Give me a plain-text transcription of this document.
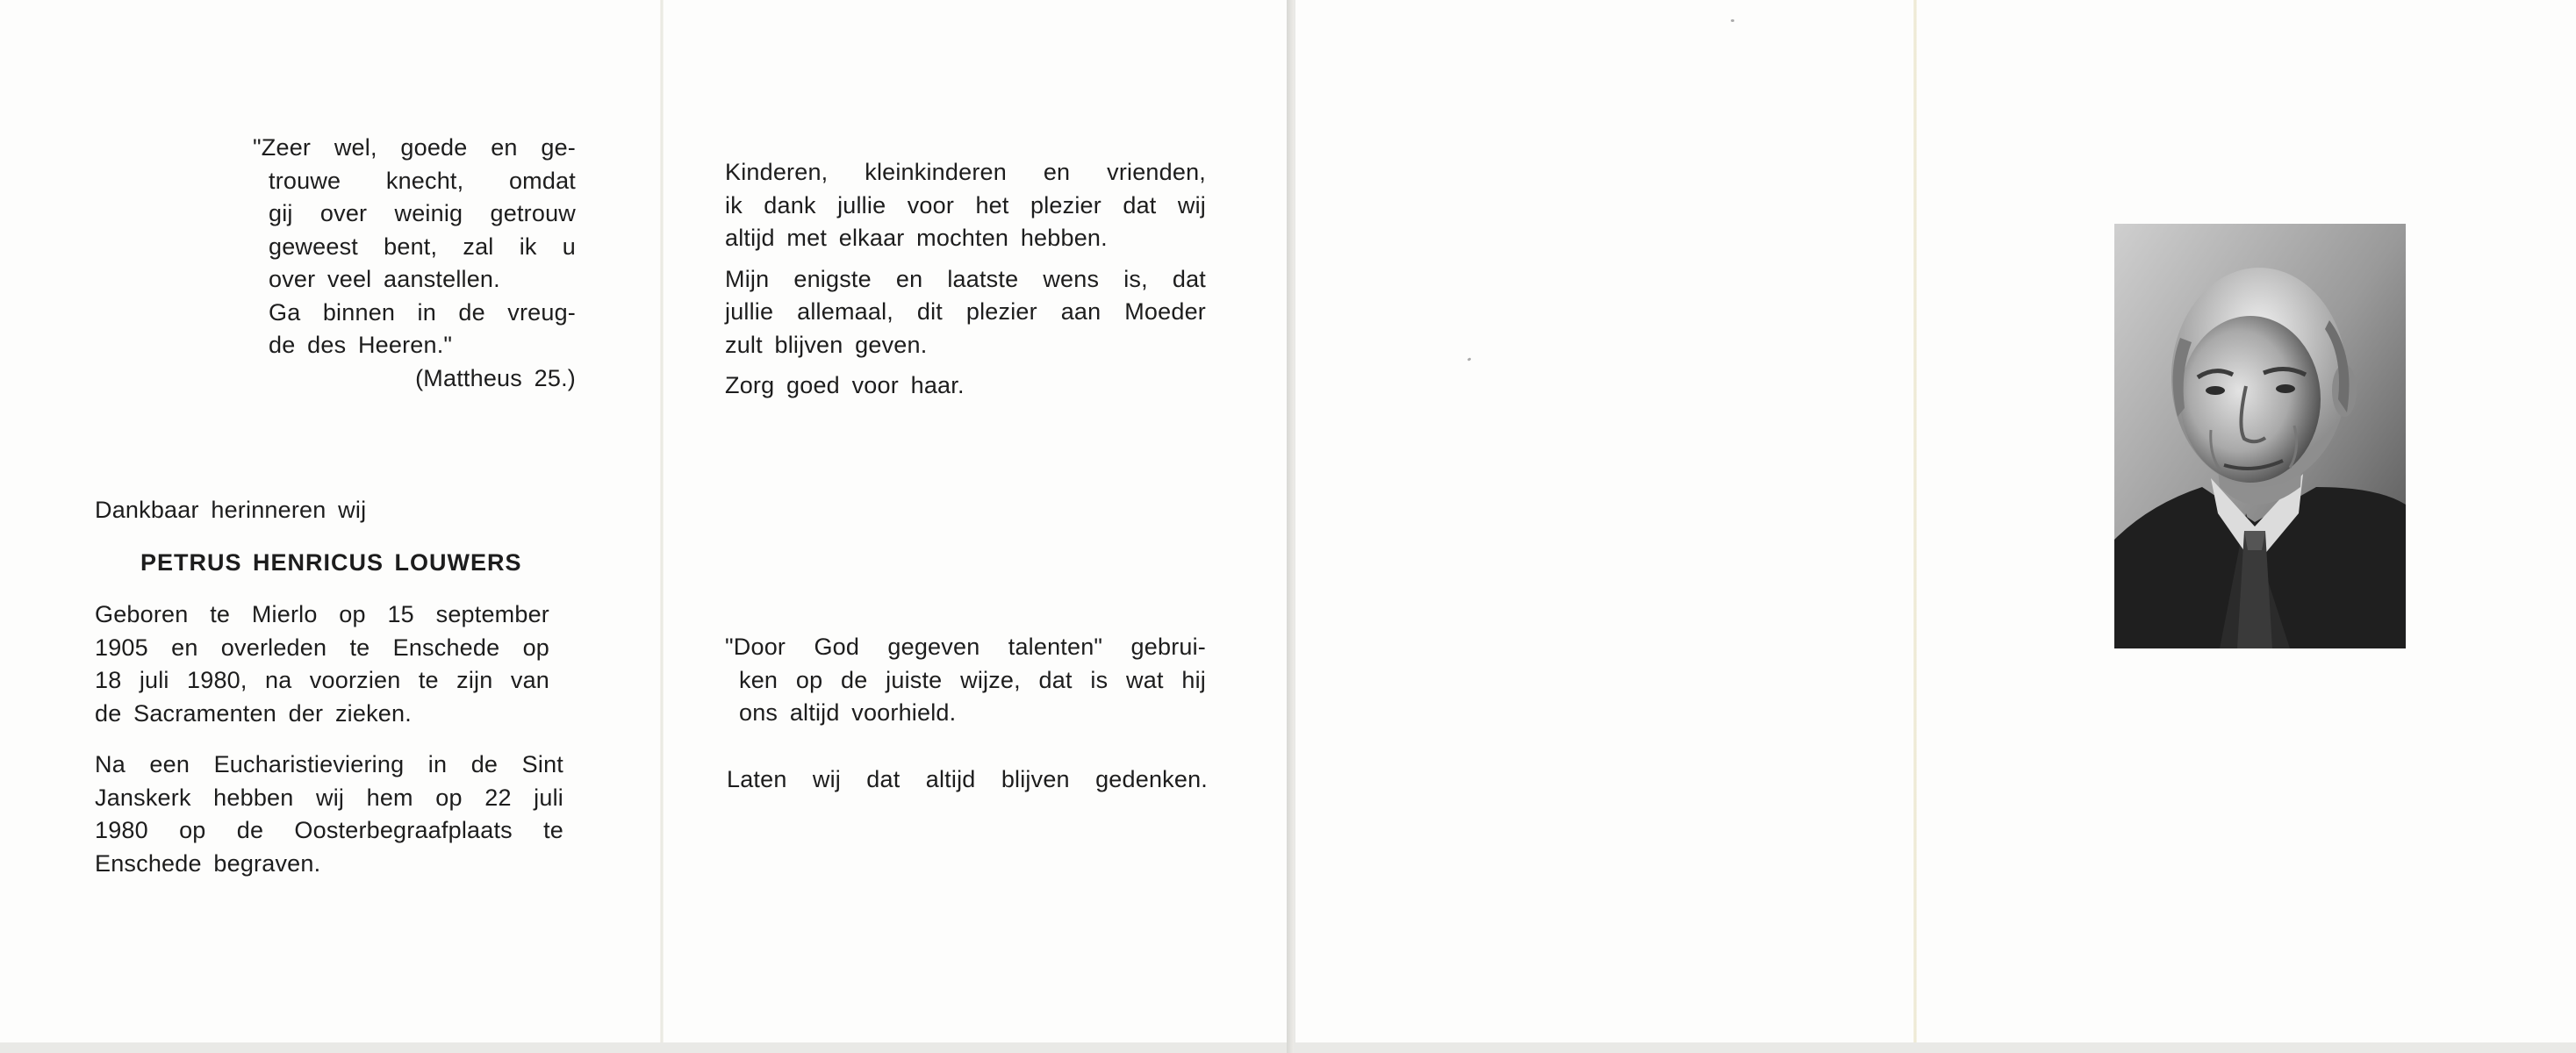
"Zeer wel, goede en ge-
trouwe knecht, omdat
gij over weinig getrouw
geweest bent, zal ik u
over veel aanstellen.
Ga binnen in de vreug-
de des Heeren."
(Mattheus 25.)
Dankbaar herinneren wij
PETRUS HENRICUS LOUWERS
Geboren te Mierlo op 15 september
1905 en overleden te Enschede op
18 juli 1980, na voorzien te zijn van
de Sacramenten der zieken.
Na een Eucharistieviering in de Sint
Janskerk hebben wij hem op 22 juli
1980 op de Oosterbegraafplaats te
Enschede begraven.
Kinderen, kleinkinderen en vrienden,
ik dank jullie voor het plezier dat wij
altijd met elkaar mochten hebben.
Mijn enigste en laatste wens is, dat
jullie allemaal, dit plezier aan Moeder
zult blijven geven.
Zorg goed voor haar.
"Door God gegeven talenten" gebrui-
ken op de juiste wijze, dat is wat hij
ons altijd voorhield.
Laten wij dat altijd blijven gedenken.
